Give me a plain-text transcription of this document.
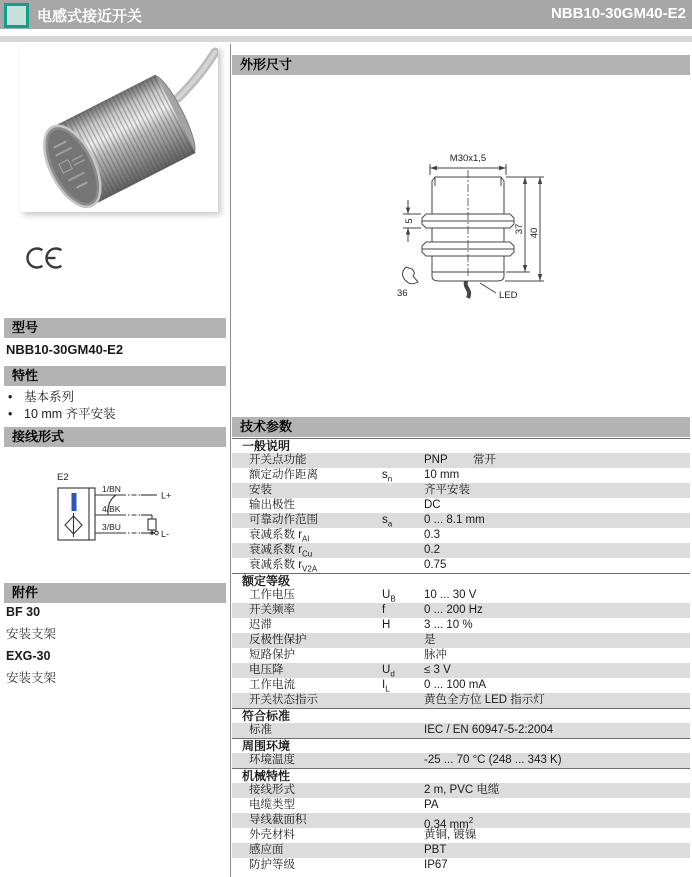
电感式接近开关	NBB10-30GM40-E2
型号
NBB10-30GM40-E2
特性
• 基本系列
• 10 mm 齐平安装
接线形式
E2
1/BN
L+
4/BK
3/BU
L-
附件
BF 30
安装支架
EXG-30
安装支架
外形尺寸
M30x1,5
5
37 40
36	LED
技术参数
一般说明
开关点功能	PNP 常开
额定动作距离	$s_n$	10 mm
安装	齐平安装
输出极性	DC
可靠动作范围	$s_a$	0 ... 8.1 mm
衰减系数 $r_{Al}$	0.3
衰减系数 $r_{Cu}$	0.2
衰减系数 $r_{V2A}$	0.75
额定等级
工作电压	$U_B$ 10 ... 30 V
开关频率	f	0 ... 200 Hz
迟滞	H	3 ... 10 %
反极性保护	是
短路保护	脉冲
电压降	$U_d$	≤ 3 V
工作电流	$I_L$	0 ... 100 mA
开关状态指示	黄色全方位 LED 指示灯
符合标准
标准	IEC / EN 60947-5-2:2004
周围环境
环境温度	-25 ... 70 °C (248 ... 343 K)
机械特性
接线形式	2 m, PVC 电缆
电缆类型	PA
导线截面积	0.34 $mm^2$
外壳材料	黄铜, 镀镍
感应面	PBT
防护等级	IP67
